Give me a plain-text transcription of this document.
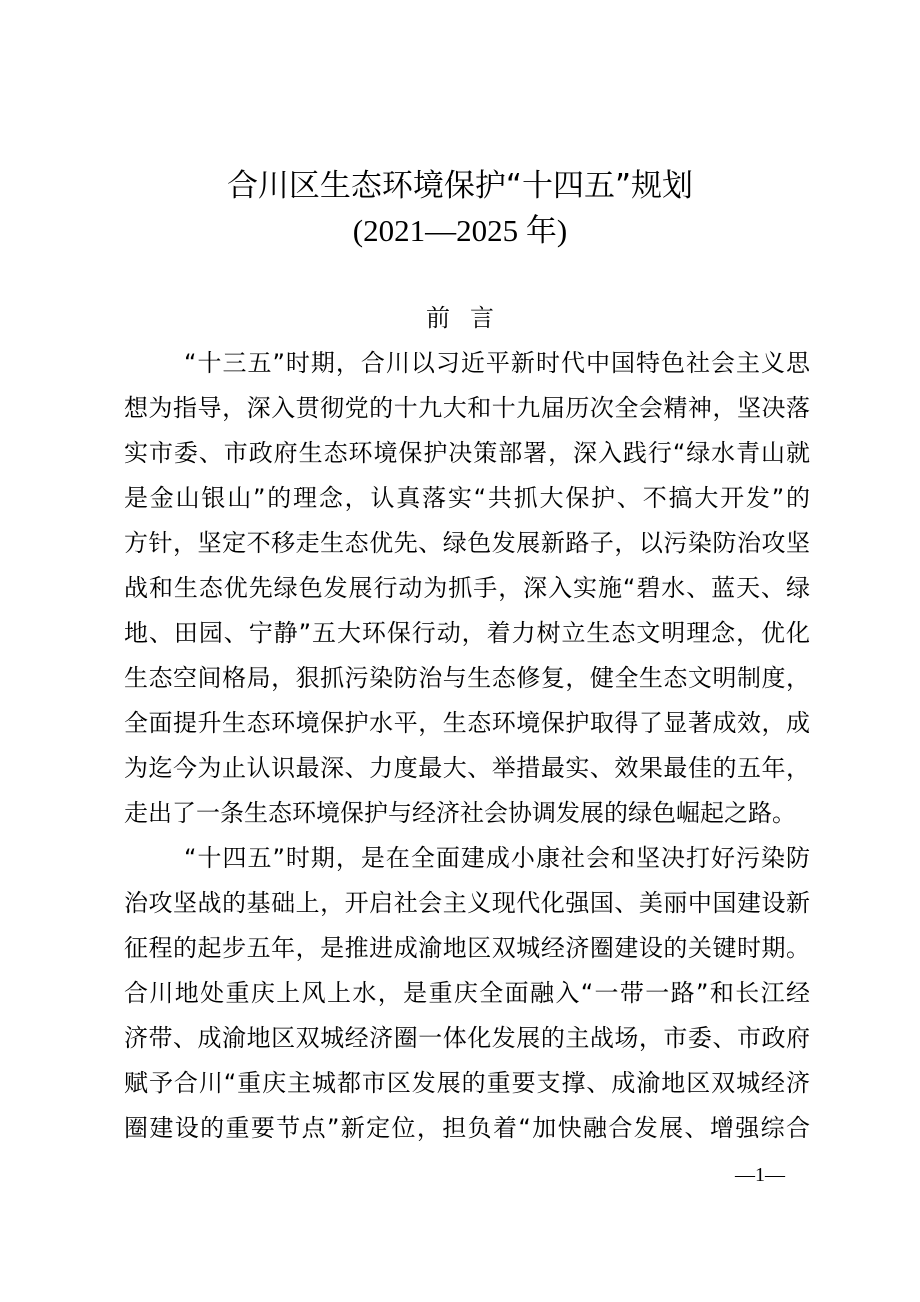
合川区生态环境保护“十四五”规划
(2021—2025 年)
前言
“十三五”时期，合川以习近平新时代中国特色社会主义思
想为指导，深入贯彻党的十九大和十九届历次全会精神，坚决落
实市委、市政府生态环境保护决策部署，深入践行“绿水青山就
是金山银山”的理念，认真落实“共抓大保护、不搞大开发”的
方针，坚定不移走生态优先、绿色发展新路子，以污染防治攻坚
战和生态优先绿色发展行动为抓手，深入实施“碧水、蓝天、绿
地、田园、宁静”五大环保行动，着力树立生态文明理念，优化
生态空间格局，狠抓污染防治与生态修复，健全生态文明制度，
全面提升生态环境保护水平，生态环境保护取得了显著成效，成
为迄今为止认识最深、力度最大、举措最实、效果最佳的五年，
走出了一条生态环境保护与经济社会协调发展的绿色崛起之路。
“十四五”时期，是在全面建成小康社会和坚决打好污染防
治攻坚战的基础上，开启社会主义现代化强国、美丽中国建设新
征程的起步五年，是推进成渝地区双城经济圈建设的关键时期。
合川地处重庆上风上水，是重庆全面融入“一带一路”和长江经
济带、成渝地区双城经济圈一体化发展的主战场，市委、市政府
赋予合川“重庆主城都市区发展的重要支撑、成渝地区双城经济
圈建设的重要节点”新定位，担负着“加快融合发展、增强综合
—1—
